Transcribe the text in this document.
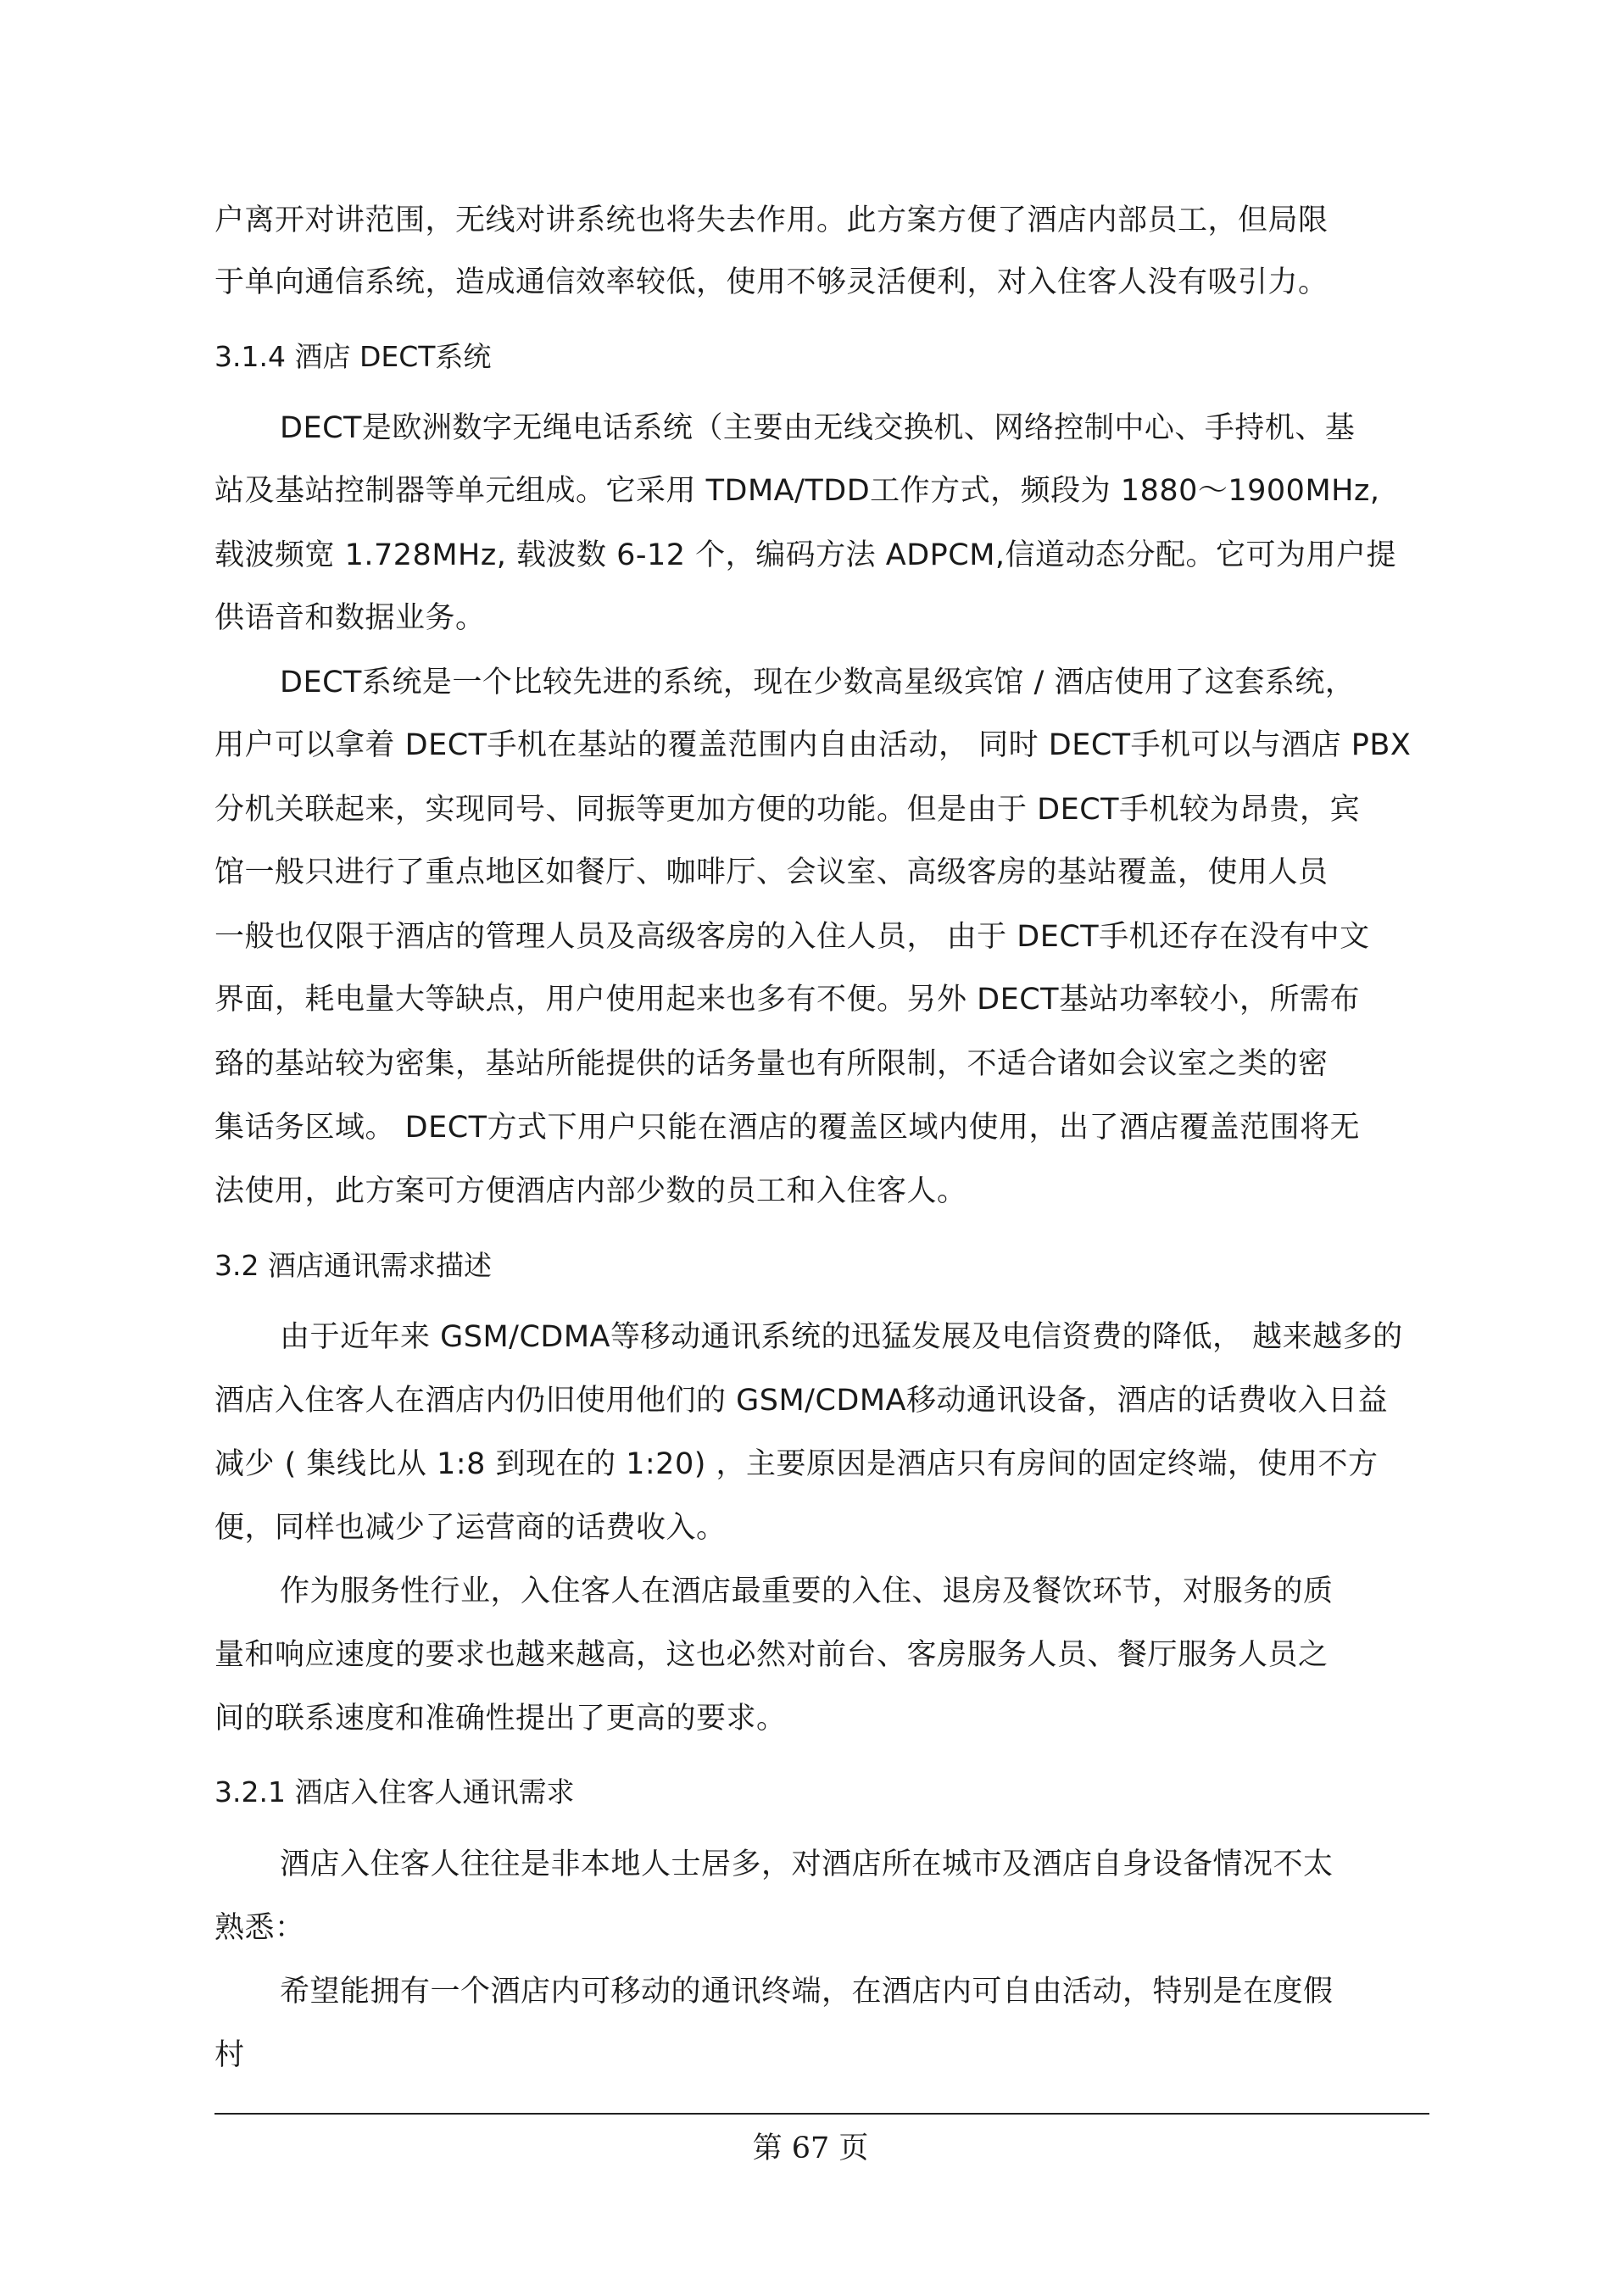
户离开对讲范围，无线对讲系统也将失去作用。此方案方便了酒店内部员工，但局限
于单向通信系统，造成通信效率较低，使用不够灵活便利，对入住客人没有吸引力。
3.1.4 酒店 DECT系统
DECT是欧洲数字无绳电话系统（主要由无线交换机、网络控制中心、手持机、基
站及基站控制器等单元组成。它采用 TDMA/TDD工作方式，频段为 1880～1900MHz,
载波频宽 1.728MHz, 载波数 6-12 个，编码方法 ADPCM,信道动态分配。它可为用户提
供语音和数据业务。
DECT系统是一个比较先进的系统，现在少数高星级宾馆 / 酒店使用了这套系统，
用户可以拿着 DECT手机在基站的覆盖范围内自由活动， 同时 DECT手机可以与酒店 PBX
分机关联起来，实现同号、同振等更加方便的功能。但是由于 DECT手机较为昂贵，宾
馆一般只进行了重点地区如餐厅、咖啡厅、会议室、高级客房的基站覆盖，使用人员
一般也仅限于酒店的管理人员及高级客房的入住人员， 由于 DECT手机还存在没有中文
界面，耗电量大等缺点，用户使用起来也多有不便。另外 DECT基站功率较小，所需布
臵的基站较为密集，基站所能提供的话务量也有所限制，不适合诸如会议室之类的密
集话务区域。 DECT方式下用户只能在酒店的覆盖区域内使用，出了酒店覆盖范围将无
法使用，此方案可方便酒店内部少数的员工和入住客人。
3.2 酒店通讯需求描述
由于近年来 GSM/CDMA等移动通讯系统的迅猛发展及电信资费的降低， 越来越多的
酒店入住客人在酒店内仍旧使用他们的 GSM/CDMA移动通讯设备，酒店的话费收入日益
减少 ( 集线比从 1:8 到现在的 1:20) ，主要原因是酒店只有房间的固定终端，使用不方
便，同样也减少了运营商的话费收入。
作为服务性行业，入住客人在酒店最重要的入住、退房及餐饮环节，对服务的质
量和响应速度的要求也越来越高，这也必然对前台、客房服务人员、餐厅服务人员之
间的联系速度和准确性提出了更高的要求。
3.2.1 酒店入住客人通讯需求
酒店入住客人往往是非本地人士居多，对酒店所在城市及酒店自身设备情况不太
熟悉：
希望能拥有一个酒店内可移动的通讯终端，在酒店内可自由活动，特别是在度假
村
第 67 页
